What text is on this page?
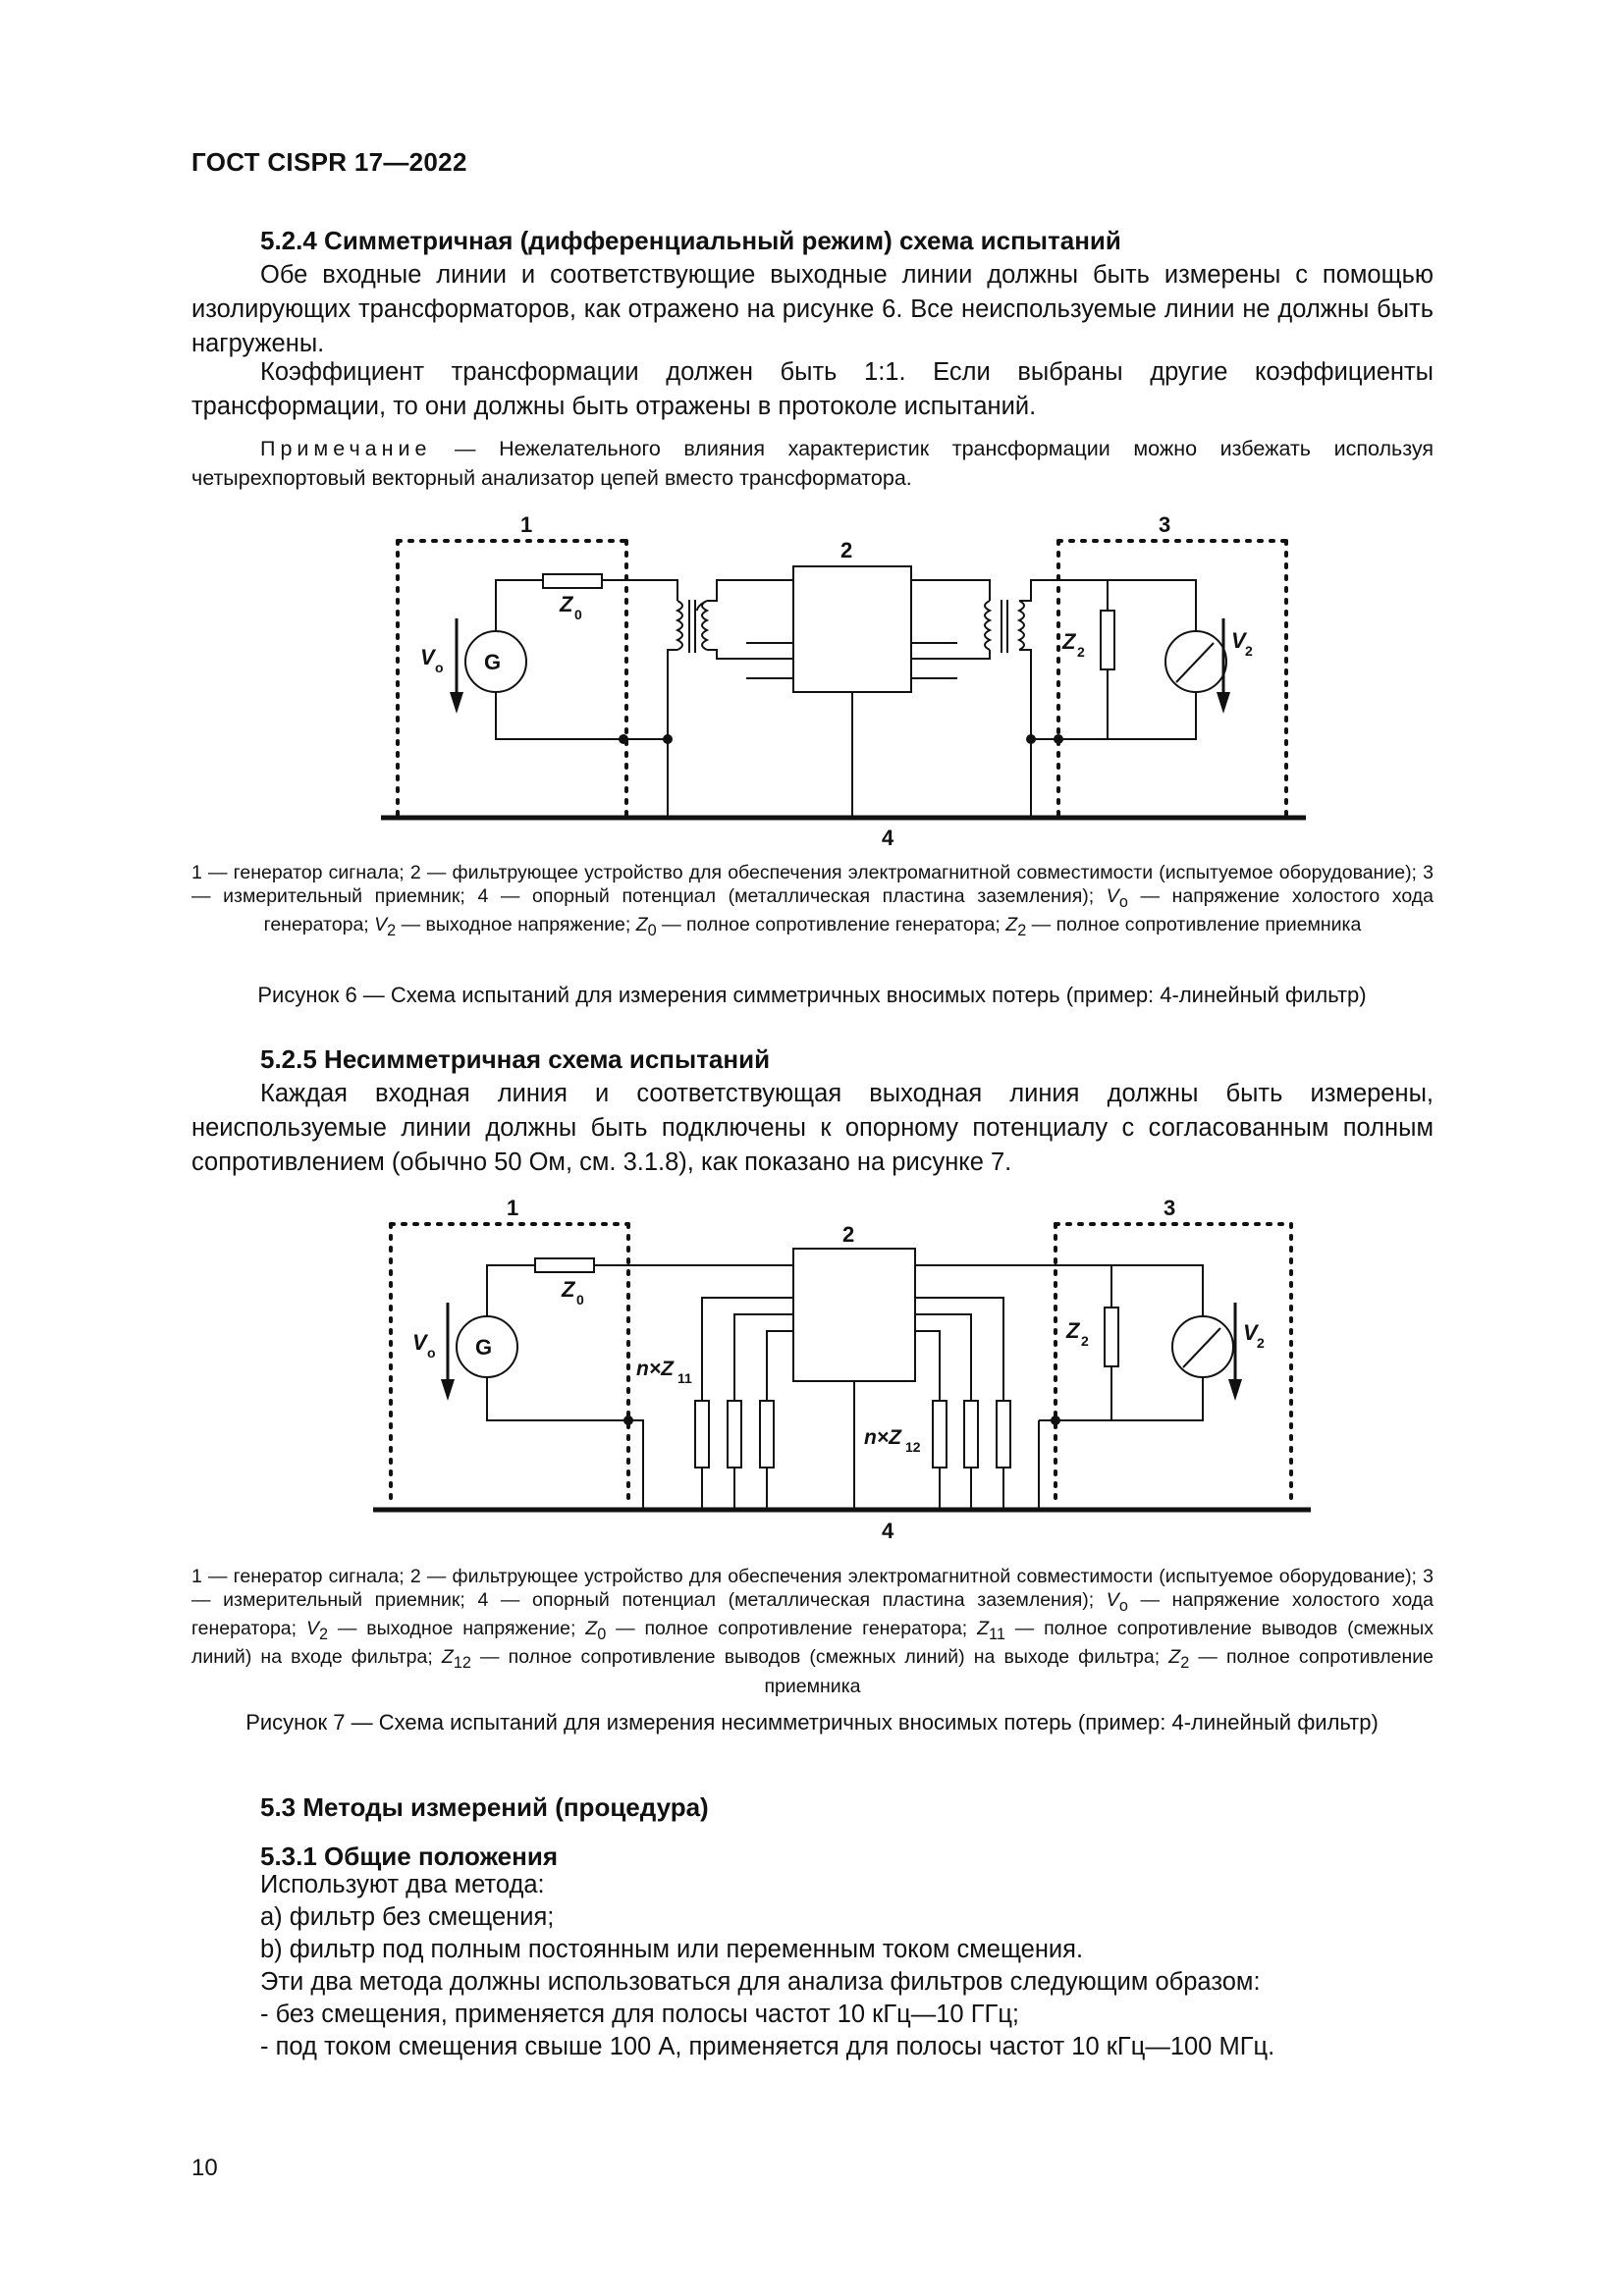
ГОСТ CISPR 17—2022
5.2.4 Симметричная (дифференциальный режим) схема испытаний

Обе входные линии и соответствующие выходные линии должны быть измерены с помощью изолирующих трансформаторов, как отражено на рисунке 6. Все неиспользуемые линии не должны быть нагружены.

Коэффициент трансформации должен быть 1:1. Если выбраны другие коэффициенты трансформации, то они должны быть отражены в протоколе испытаний.

Примечание — Нежелательного влияния характеристик трансформации можно избежать используя четырехпортовый векторный анализатор цепей вместо трансформатора.

1
2
3
4
G
V o
Z 0
Z 2	V 2

1 — генератор сигнала; 2 — фильтрующее устройство для обеспечения электромагнитной совместимости (испытуемое оборудование); 3 — измерительный приемник; 4 — опорный потенциал (металлическая пластина заземления); $V_o$ — напряжение холостого хода генератора; $V_2$ — выходное напряжение; $Z_0$ — полное сопротивление генератора; $Z_2$ — полное сопротивление приемника

Рисунок 6 — Схема испытаний для измерения симметричных вносимых потерь (пример: 4-линейный фильтр)
5.2.5 Несимметричная схема испытаний

Каждая входная линия и соответствующая выходная линия должны быть измерены, неиспользуемые линии должны быть подключены к опорному потенциалу с согласованным полным сопротивлением (обычно 50 Ом, см. 3.1.8), как показано на рисунке 7.

1
2
3
4
G
V o
Z 0
Z 2	V 2
n×Z 11
n×Z 12

1 — генератор сигнала; 2 — фильтрующее устройство для обеспечения электромагнитной совместимости (испытуемое оборудование); 3 — измерительный приемник; 4 — опорный потенциал (металлическая пластина заземления); $V_o$ — напряжение холостого хода генератора; $V_2$ — выходное напряжение; $Z_0$ — полное сопротивление генератора; $Z_{11}$ — полное сопротивление выводов (смежных линий) на входе фильтра; $Z_{12}$ — полное сопротивление выводов (смежных линий) на выходе фильтра; $Z_2$ — полное сопротивление приемника

Рисунок 7 — Схема испытаний для измерения несимметричных вносимых потерь (пример: 4-линейный фильтр)
5.3 Методы измерений (процедура)
5.3.1 Общие положения
Используют два метода:
a) фильтр без смещения;
b) фильтр под полным постоянным или переменным током смещения.
Эти два метода должны использоваться для анализа фильтров следующим образом:
- без смещения, применяется для полосы частот 10 кГц—10 ГГц;
- под током смещения свыше 100 А, применяется для полосы частот 10 кГц—100 МГц.
10
